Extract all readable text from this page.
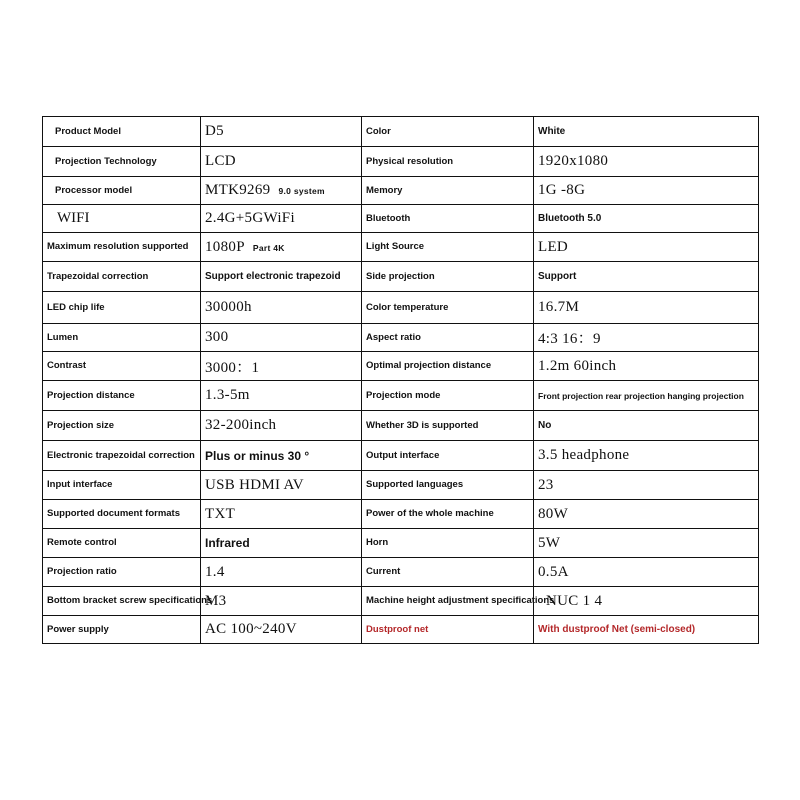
Product Model	D5	Color	White
Projection Technology	LCD	Physical resolution	1920x1080
Processor model	MTK9269 9.0 system	Memory	1G -8G
WIFI	2.4G+5GWiFi	Bluetooth	Bluetooth 5.0
Maximum resolution supported	1080P Part 4K	Light Source	LED
Trapezoidal correction	Support electronic trapezoid	Side projection	Support
LED chip life	30000h	Color temperature	16.7M
Lumen	300	Aspect ratio	4:3 16：9
Contrast	3000：1	Optimal projection distance	1.2m 60inch
Projection distance	1.3-5m	Projection mode	Front projection rear projection hanging projection
Projection size	32-200inch	Whether 3D is supported	No
Electronic trapezoidal correction	Plus or minus 30 °	Output interface	3.5 headphone
Input interface	USB HDMI AV	Supported languages	23
Supported document formats	TXT	Power of the whole machine	80W
Remote control	Infrared	Horn	5W
Projection ratio	1.4	Current	0.5A
Bottom bracket screw specifications	M3	Machine height adjustment specifications	NUC 1 4
Power supply	AC 100~240V	Dustproof net	With dustproof Net (semi-closed)
